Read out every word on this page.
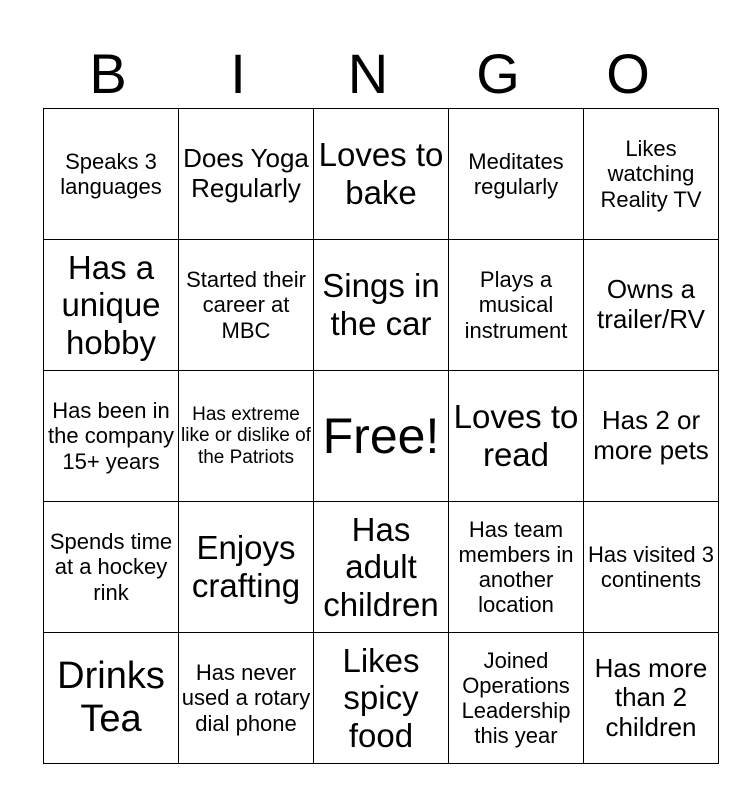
B	I	N	G	O
Speaks 3 languages	Does Yoga Regularly	Loves to bake	Meditates regularly	Likes watching Reality TV
Has a unique hobby	Started their career at MBC	Sings in the car	Plays a musical instrument	Owns a trailer/RV
Has been in the company 15+ years	Has extreme like or dislike of the Patriots	Free!	Loves to read	Has 2 or more pets
Spends time at a hockey rink	Enjoys crafting	Has adult children	Has team members in another location	Has visited 3 continents
Drinks Tea	Has never used a rotary dial phone	Likes spicy food	Joined Operations Leadership this year	Has more than 2 children
